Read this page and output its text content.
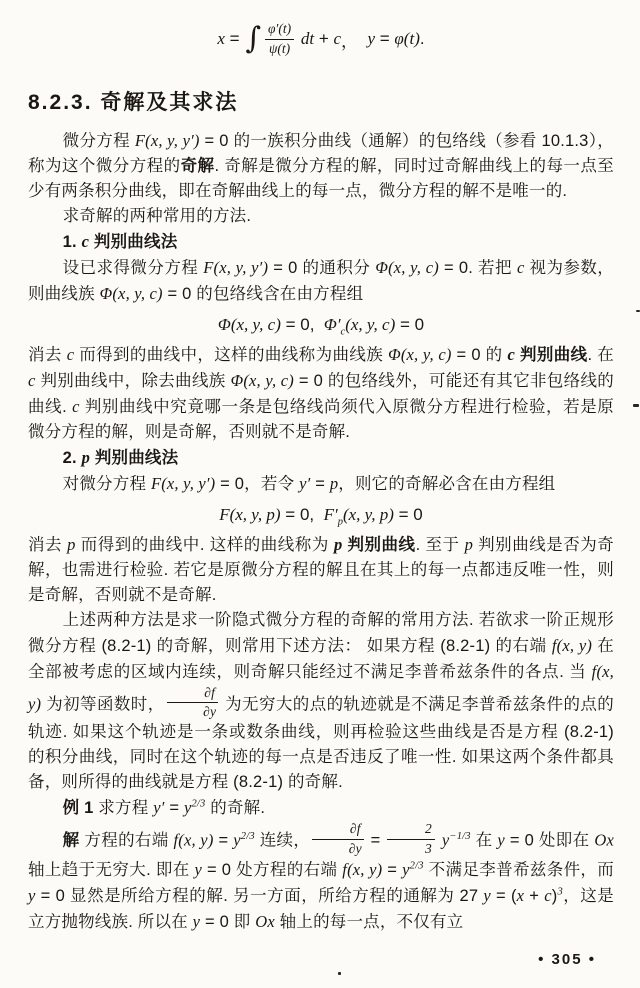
x = ∫ $\frac{\varphi'(t)}{\psi(t)}$
dt + c ， y = φ(t) .
8.2.3. 奇解及其求法
微分方程 F(x, y, y′) = 0 的一族积分曲线（通解）的包络线（参看 10.1.3），称为这个微分方程的奇解. 奇解是微分方程的解，同时过奇解曲线上的每一点至少有两条积分曲线，即在奇解曲线上的每一点，微分方程的解不是唯一的.
求奇解的两种常用的方法.
1. c 判别曲线法
设已求得微分方程 F(x, y, y′) = 0 的通积分 Φ(x, y, c) = 0. 若把 c 视为参数，则曲线族 Φ(x, y, c) = 0 的包络线含在由方程组
Φ(x, y, c) = 0,  $\Phi'_c(x$, y, c) = 0
消去 c 而得到的曲线中，这样的曲线称为曲线族 Φ(x, y, c) = 0 的 c 判别曲线. 在 c 判别曲线中，除去曲线族 Φ(x, y, c) = 0 的包络线外，可能还有其它非包络线的曲线. c 判别曲线中究竟哪一条是包络线尚须代入原微分方程进行检验，若是原微分方程的解，则是奇解，否则就不是奇解.
2. p 判别曲线法
对微分方程 F(x, y, y′) = 0，若令 y′ = p，则它的奇解必含在由方程组
F(x, y, p) = 0,  $F'_p(x$, y, p) = 0
消去 p 而得到的曲线中. 这样的曲线称为 p 判别曲线. 至于 p 判别曲线是否为奇解，也需进行检验. 若它是原微分方程的解且在其上的每一点都违反唯一性，则是奇解，否则就不是奇解.
上述两种方法是求一阶隐式微分方程的奇解的常用方法. 若欲求一阶正规形微分方程 (8.2-1) 的奇解，则常用下述方法： 如果方程 (8.2-1) 的右端 f(x, y) 在全部被考虑的区域内连续，则奇解只能经过不满足李普希兹条件的各点. 当 f(x, y) 为初等函数时， $\frac{\partial f}{\partial y}$ 为无穷大的点的轨迹就是不满足李普希兹条件的点的轨迹. 如果这个轨迹是一条或数条曲线，则再检验这些曲线是否是方程 (8.2-1) 的积分曲线，同时在这个轨迹的每一点是否违反了唯一性. 如果这两个条件都具备，则所得的曲线就是方程 (8.2-1) 的奇解.
例 1 求方程 $y' = y^{2/3}$ 的奇解.
解 方程的右端 f(x, $y) = y^{2/3}$ 连续， $\frac{\partial f}{\partial y} = \frac{2}{3} y^{-1/3}$ 在 y = 0 处即在 Ox 轴上趋于无穷大. 即在 y = 0 处方程的右端 f(x, $y) = y^{2/3}$ 不满足李普希兹条件，而 y = 0 显然是所给方程的解. 另一方面，所给方程的通解为 27 $y = (x + c)^3$，这是立方抛物线族. 所以在 y = 0 即 Ox 轴上的每一点，不仅有立
• 305 •
